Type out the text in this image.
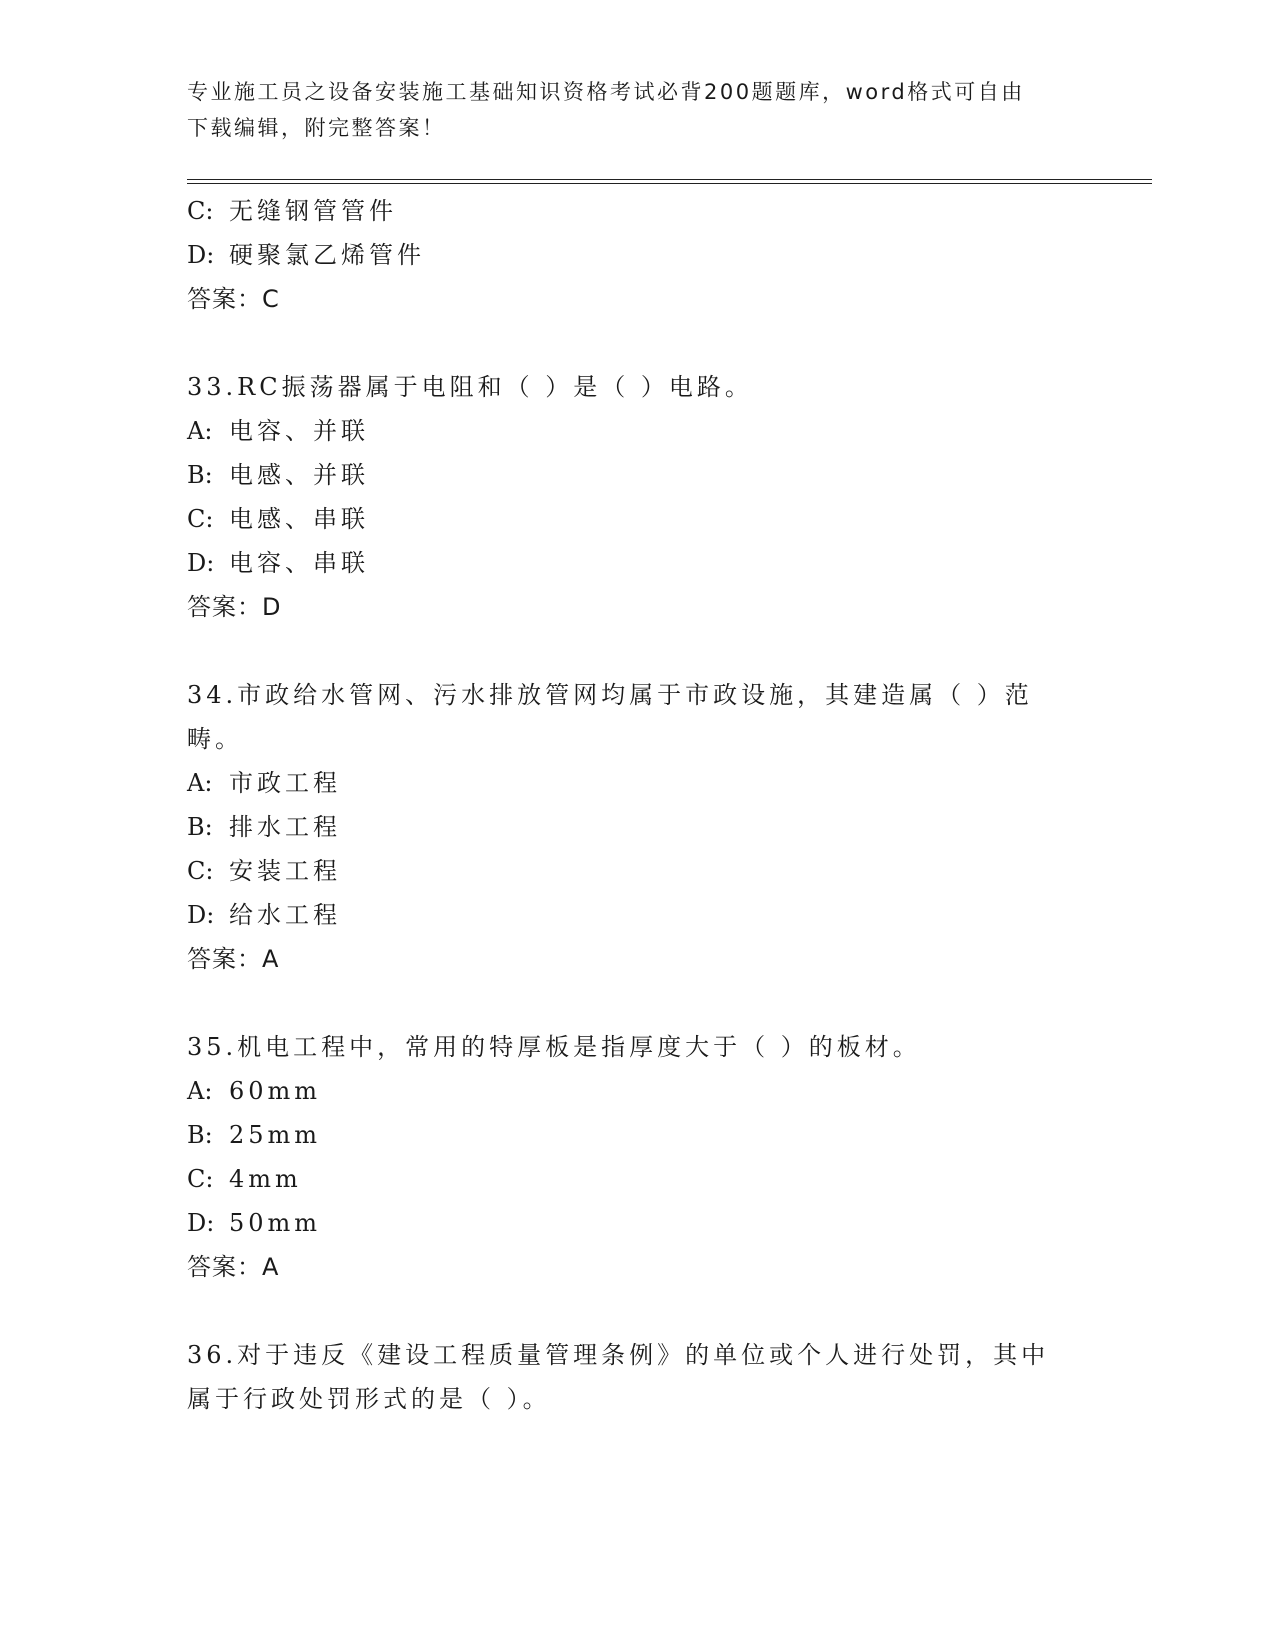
专业施工员之设备安装施工基础知识资格考试必背200题题库，word格式可自由
下载编辑，附完整答案！
C: 无缝钢管管件
D: 硬聚氯乙烯管件
答案：C
33.RC振荡器属于电阻和（ ）是（ ）电路。
A: 电容、并联
B: 电感、并联
C: 电感、串联
D: 电容、串联
答案：D
34.市政给水管网、污水排放管网均属于市政设施，其建造属（ ）范
畴。
A: 市政工程
B: 排水工程
C: 安装工程
D: 给水工程
答案：A
35.机电工程中，常用的特厚板是指厚度大于（ ）的板材。
A: 60mm
B: 25mm
C: 4mm
D: 50mm
答案：A
36.对于违反《建设工程质量管理条例》的单位或个人进行处罚，其中
属于行政处罚形式的是（ ）。
